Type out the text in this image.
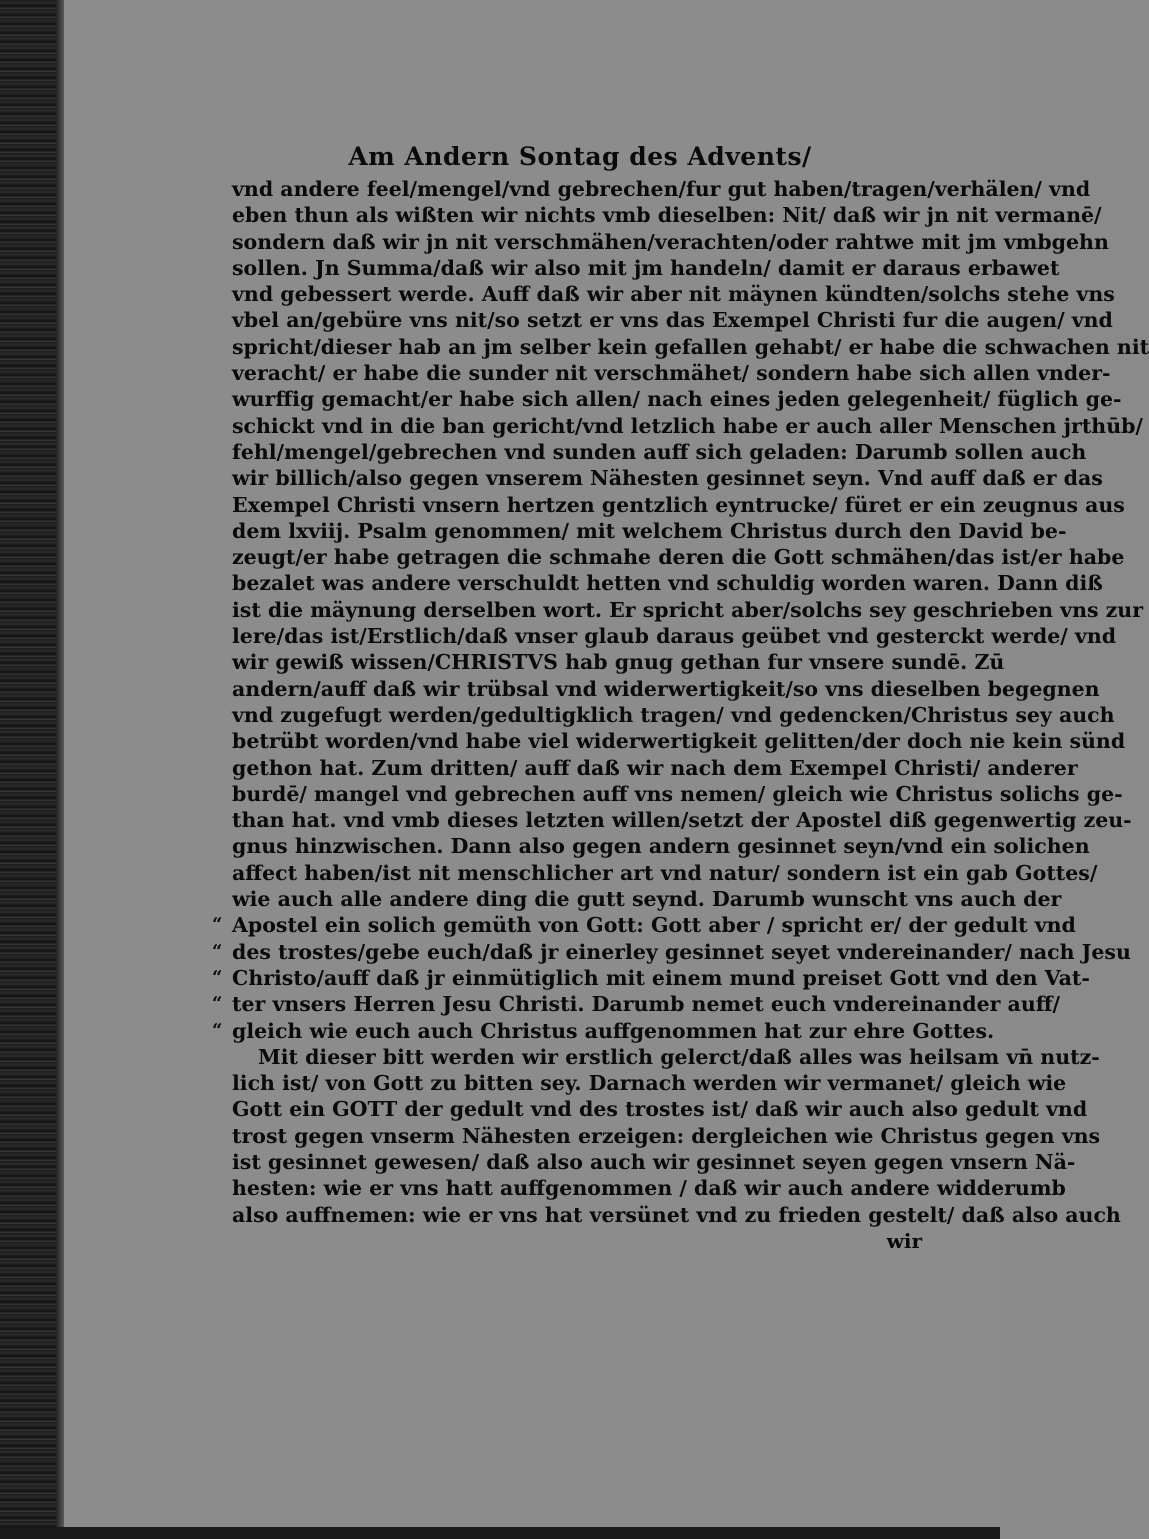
Am Andern Sontag des Advents/
vnd andere feel/mengel/vnd gebrechen/fur gut haben/tragen/verhälen/ vnd
eben thun als wißten wir nichts vmb dieselben: Nit/ daß wir jn nit vermanē/
sondern daß wir jn nit verschmähen/verachten/oder rahtwe mit jm vmbgehn
sollen. Jn Summa/daß wir also mit jm handeln/ damit er daraus erbawet
vnd gebessert werde. Auff daß wir aber nit mäynen kündten/solchs stehe vns
vbel an/gebüre vns nit/so setzt er vns das Exempel Christi fur die augen/ vnd
spricht/dieser hab an jm selber kein gefallen gehabt/ er habe die schwachen nit
veracht/ er habe die sunder nit verschmähet/ sondern habe sich allen vnder-
wurffig gemacht/er habe sich allen/ nach eines jeden gelegenheit/ füglich ge-
schickt vnd in die ban gericht/vnd letzlich habe er auch aller Menschen jrthūb/
fehl/mengel/gebrechen vnd sunden auff sich geladen: Darumb sollen auch
wir billich/also gegen vnserem Nähesten gesinnet seyn. Vnd auff daß er das
Exempel Christi vnsern hertzen gentzlich eyntrucke/ füret er ein zeugnus aus
dem lxviij. Psalm genommen/ mit welchem Christus durch den David be-
zeugt/er habe getragen die schmahe deren die Gott schmähen/das ist/er habe
bezalet was andere verschuldt hetten vnd schuldig worden waren. Dann diß
ist die mäynung derselben wort. Er spricht aber/solchs sey geschrieben vns zur
lere/das ist/Erstlich/daß vnser glaub daraus geübet vnd gesterckt werde/ vnd
wir gewiß wissen/CHRISTVS hab gnug gethan fur vnsere sundē. Zū
andern/auff daß wir trübsal vnd widerwertigkeit/so vns dieselben begegnen
vnd zugefugt werden/gedultigklich tragen/ vnd gedencken/Christus sey auch
betrübt worden/vnd habe viel widerwertigkeit gelitten/der doch nie kein sünd
gethon hat. Zum dritten/ auff daß wir nach dem Exempel Christi/ anderer
burdē/ mangel vnd gebrechen auff vns nemen/ gleich wie Christus solichs ge-
than hat. vnd vmb dieses letzten willen/setzt der Apostel diß gegenwertig zeu-
gnus hinzwischen. Dann also gegen andern gesinnet seyn/vnd ein solichen
affect haben/ist nit menschlicher art vnd natur/ sondern ist ein gab Gottes/
wie auch alle andere ding die gutt seynd. Darumb wunscht vns auch der
“ Apostel ein solich gemüth von Gott: Gott aber / spricht er/ der gedult vnd
“ des trostes/gebe euch/daß jr einerley gesinnet seyet vndereinander/ nach Jesu
“ Christo/auff daß jr einmütiglich mit einem mund preiset Gott vnd den Vat-
“ ter vnsers Herren Jesu Christi. Darumb nemet euch vndereinander auff/
“ gleich wie euch auch Christus auffgenommen hat zur ehre Gottes.
Mit dieser bitt werden wir erstlich gelerct/daß alles was heilsam vn̄ nutz-
lich ist/ von Gott zu bitten sey. Darnach werden wir vermanet/ gleich wie
Gott ein GOTT der gedult vnd des trostes ist/ daß wir auch also gedult vnd
trost gegen vnserm Nähesten erzeigen: dergleichen wie Christus gegen vns
ist gesinnet gewesen/ daß also auch wir gesinnet seyen gegen vnsern Nä-
hesten: wie er vns hatt auffgenommen / daß wir auch andere widderumb
also auffnemen: wie er vns hat versünet vnd zu frieden gestelt/ daß also auch
wir
